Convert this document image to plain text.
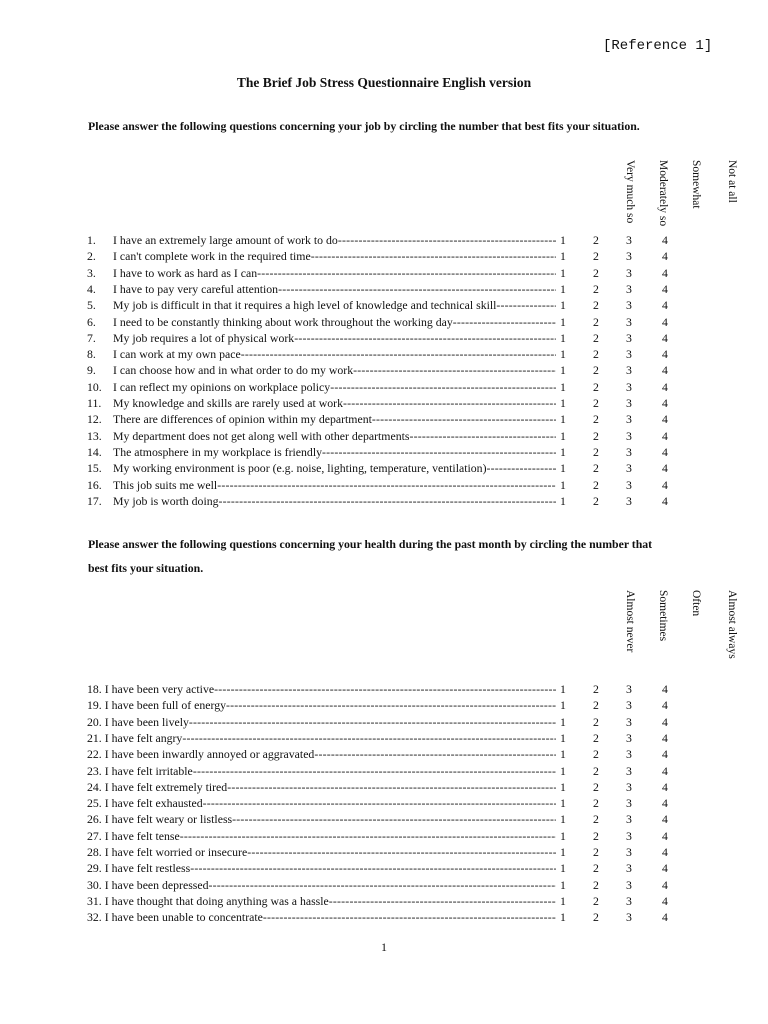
[Reference 1]
The Brief Job Stress Questionnaire English version
Please answer the following questions concerning your job by circling the number that best fits your situation.
Very much so	Moderately so	Somewhat	Not at all
1. I have an extremely large amount of work to do -----	1	2	3	4
2. I can't complete work in the required time -----	1	2	3	4
3. I have to work as hard as I can -----	1	2	3	4
4. I have to pay very careful attention -----	1	2	3	4
5. My job is difficult in that it requires a high level of knowledge and technical skill -----	1	2	3	4
6. I need to be constantly thinking about work throughout the working day -----	1	2	3	4
7. My job requires a lot of physical work -----	1	2	3	4
8. I can work at my own pace -----	1	2	3	4
9. I can choose how and in what order to do my work -----	1	2	3	4
10. I can reflect my opinions on workplace policy -----	1	2	3	4
11. My knowledge and skills are rarely used at work -----	1	2	3	4
12. There are differences of opinion within my department -----	1	2	3	4
13. My department does not get along well with other departments -----	1	2	3	4
14. The atmosphere in my workplace is friendly -----	1	2	3	4
15. My working environment is poor (e.g. noise, lighting, temperature, ventilation) -----	1	2	3	4
16. This job suits me well -----	1	2	3	4
17. My job is worth doing -----	1	2	3	4
Please answer the following questions concerning your health during the past month by circling the number that best fits your situation.
Almost never	Sometimes	Often	Almost always
18. I have been very active -----	1	2	3	4
19. I have been full of energy -----	1	2	3	4
20. I have been lively -----	1	2	3	4
21. I have felt angry -----	1	2	3	4
22. I have been inwardly annoyed or aggravated -----	1	2	3	4
23. I have felt irritable -----	1	2	3	4
24. I have felt extremely tired -----	1	2	3	4
25. I have felt exhausted -----	1	2	3	4
26. I have felt weary or listless -----	1	2	3	4
27. I have felt tense -----	1	2	3	4
28. I have felt worried or insecure -----	1	2	3	4
29. I have felt restless -----	1	2	3	4
30. I have been depressed -----	1	2	3	4
31. I have thought that doing anything was a hassle -----	1	2	3	4
32. I have been unable to concentrate -----	1	2	3	4
1
